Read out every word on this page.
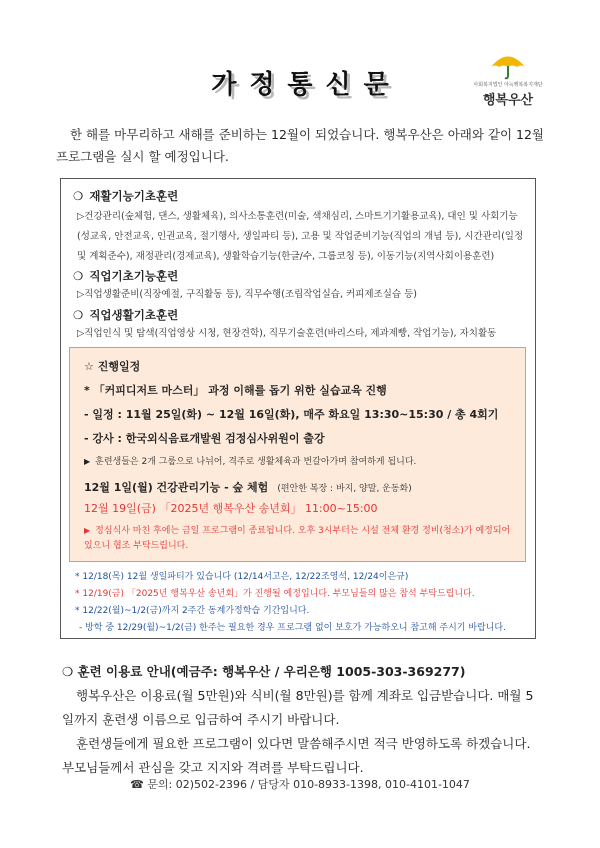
가정통신문	사회복지법인 아늑행복복지재단
행복우산
한 해를 마무리하고 새해를 준비하는 12월이 되었습니다. 행복우산은 아래와 같이 12월 프로그램을 실시 할 예정입니다.
❍ 재활기능기초훈련
▷건강관리(숲체험, 댄스, 생활체육), 의사소통훈련(미술, 색채심리, 스마트기기활용교육), 대인 및 사회기능(성교육, 안전교육, 인권교육, 절기행사, 생일파티 등), 고용 및 작업준비기능(직업의 개념 등), 시간관리(일정 및 계획준수), 재정관리(경제교육), 생활학습기능(한글/수, 그룹코칭 등), 이동기능(지역사회이용훈련)
❍ 직업기초기능훈련
▷직업생활준비(직장예절, 구직활동 등), 직무수행(조립작업실습, 커피제조실습 등)
❍ 직업생활기초훈련
▷직업인식 및 탐색(직업영상 시청, 현장견학), 직무기술훈련(바리스타, 제과제빵, 작업기능), 자치활동
☆ 진행일정
* 「커피디저트 마스터」 과정 이해를 돕기 위한 실습교육 진행
- 일정 : 11월 25일(화) ~ 12월 16일(화), 매주 화요일 13:30~15:30 / 총 4회기
- 강사 : 한국외식음료개발원 검정심사위원이 출강
▶ 훈련생들은 2개 그룹으로 나뉘어, 격주로 생활체육과 번갈아가며 참여하게 됩니다.
12월 1일(월) 건강관리기능 - 숲 체험 (편안한 복장 : 바지, 양말, 운동화)
12월 19일(금) 「2025년 행복우산 송년회」 11:00~15:00
▶ 정심식사 마친 후에는 금일 프로그램이 종료됩니다. 오후 3시부터는 시설 전체 환경 정비(청소)가 예정되어 있으니 협조 부탁드립니다.
* 12/18(목) 12월 생일파티가 있습니다 (12/14서고은, 12/22조영석, 12/24이은규)
* 12/19(금) 「2025년 행복우산 송년회」가 진행될 예정입니다. 부모님들의 많은 참석 부탁드립니다.
* 12/22(월)~1/2(금)까지 2주간 동계가정학습 기간입니다.
- 방학 중 12/29(월)~1/2(금) 한주는 필요한 경우 프로그램 없이 보호가 가능하오니 참고해 주시기 바랍니다.
❍ 훈련 이용료 안내(예금주: 행복우산 / 우리은행 1005-303-369277)
행복우산은 이용료(월 5만원)와 식비(월 8만원)를 함께 계좌로 입금받습니다. 매월 5일까지 훈련생 이름으로 입금하여 주시기 바랍니다.
훈련생들에게 필요한 프로그램이 있다면 말씀해주시면 적극 반영하도록 하겠습니다. 부모님들께서 관심을 갖고 지지와 격려를 부탁드립니다.
☎ 문의: 02)502-2396 / 담당자 010-8933-1398, 010-4101-1047
